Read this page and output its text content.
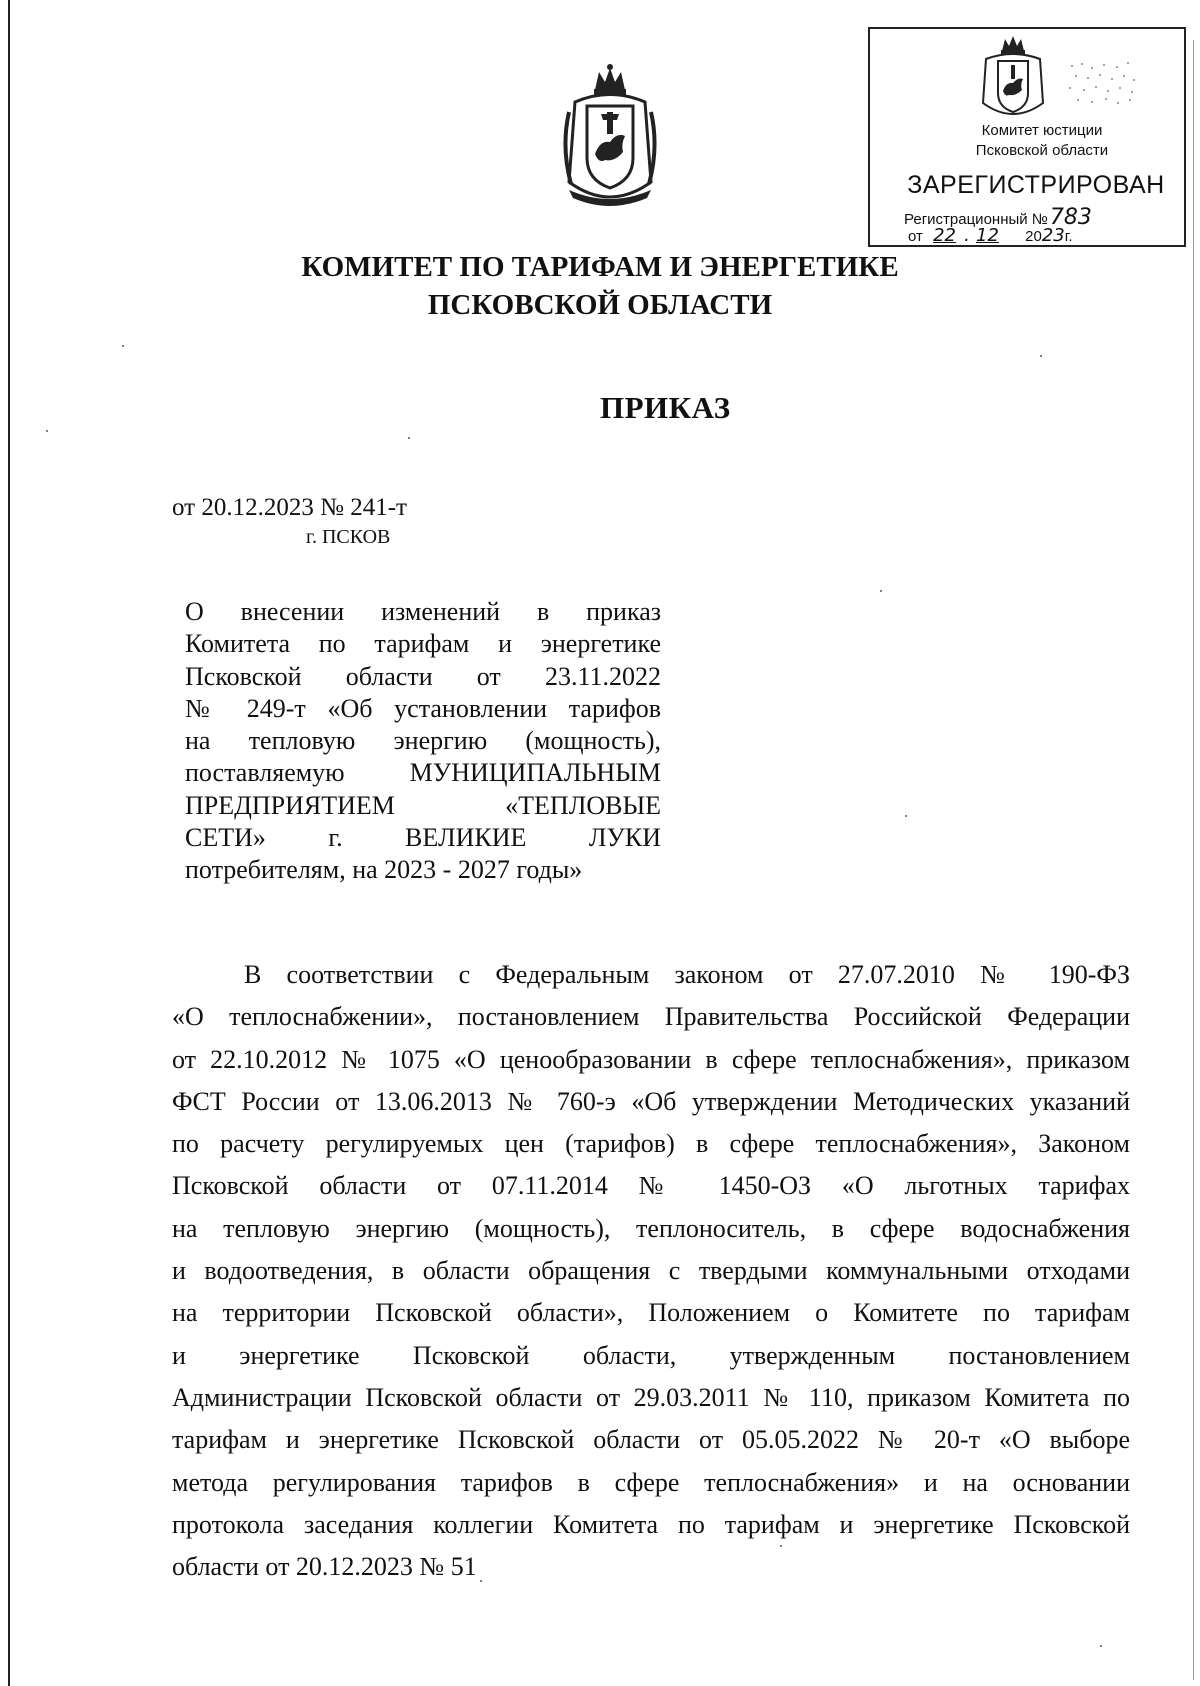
Комитет юстиции
Псковской области
ЗАРЕГИСТРИРОВАН
Регистрационный №783
от 22 . 12 2023г.
КОМИТЕТ ПО ТАРИФАМ И ЭНЕРГЕТИКЕ
ПСКОВСКОЙ ОБЛАСТИ
ПРИКАЗ
от 20.12.2023 № 241-т
г. ПСКОВ
О внесении изменений в приказ
Комитета по тарифам и энергетике
Псковской области от 23.11.2022
№ 249-т «Об установлении тарифов
на тепловую энергию (мощность),
поставляемую МУНИЦИПАЛЬНЫМ
ПРЕДПРИЯТИЕМ «ТЕПЛОВЫЕ
СЕТИ» г. ВЕЛИКИЕ ЛУКИ
потребителям, на 2023 - 2027 годы»
В соответствии с Федеральным законом от 27.07.2010 № 190-ФЗ
«О теплоснабжении», постановлением Правительства Российской Федерации
от 22.10.2012 № 1075 «О ценообразовании в сфере теплоснабжения», приказом
ФСТ России от 13.06.2013 № 760-э «Об утверждении Методических указаний
по расчету регулируемых цен (тарифов) в сфере теплоснабжения», Законом
Псковской области от 07.11.2014 № 1450-ОЗ «О льготных тарифах
на тепловую энергию (мощность), теплоноситель, в сфере водоснабжения
и водоотведения, в области обращения с твердыми коммунальными отходами
на территории Псковской области», Положением о Комитете по тарифам
и энергетике Псковской области, утвержденным постановлением
Администрации Псковской области от 29.03.2011 № 110, приказом Комитета по
тарифам и энергетике Псковской области от 05.05.2022 № 20-т «О выборе
метода регулирования тарифов в сфере теплоснабжения» и на основании
протокола заседания коллегии Комитета по тарифам и энергетике Псковской
области от 20.12.2023 № 51
